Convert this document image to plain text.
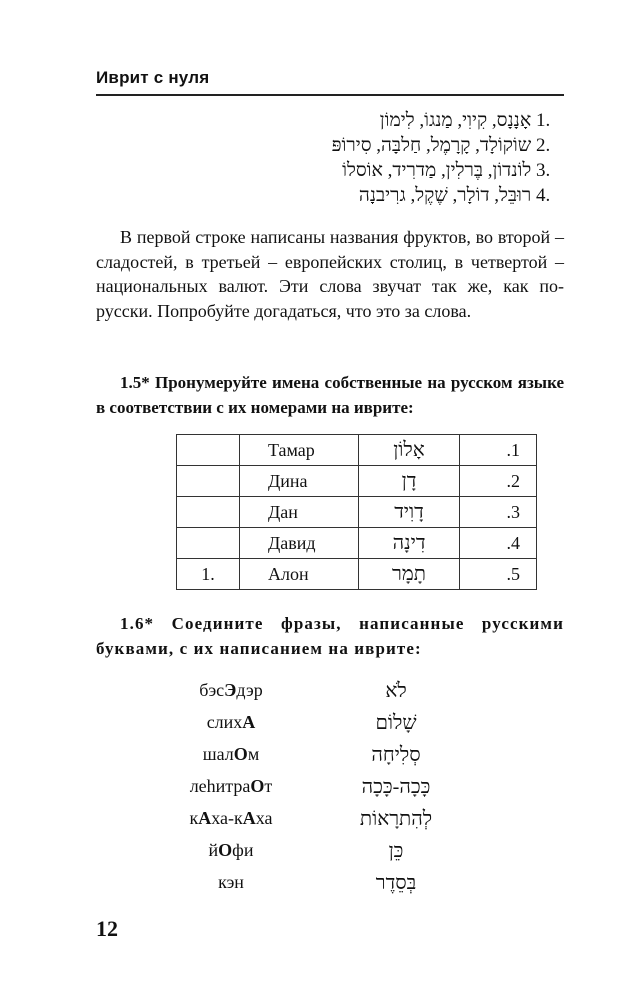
Иврит с нуля
אָנָנָס, קִיוִי, מַנגוֹ, לִימוֹן 1.
שוֹקוֹלָד, קָרָמֶל, חַלבָּה, סִירוֹפּ 2.
לוֹנדוֹן, בֶּרלִין, מַדרִיד, אוֹסלוֹ 3.
רוּבֵּל, דוֹלָר, שֶׁקֶל, גרִיבנָה 4.

В первой строке написаны названия фруктов, во второй – сладостей, в третьей – европейских столиц, в четвертой – национальных валют. Эти слова звучат так же, как по-русски. Попробуйте догадаться, что это за слова.

1.5* Пронумеруйте имена собственные на русском языке в соответствии с их номерами на иврите:
	Тамар	אָלוֹן	.1
	Дина	דָן	.2
	Дан	דָוִיד	.3
	Давид	דִינָה	.4
1.	Алон	תָמָר	.5
1.6* Соедините фразы, написанные русскими буквами, с их написанием на иврите:
бэсЭдэр	לֹא
слихА	שָׁלוֹם
шалОм	סְלִיחָה
леhитраОт	כָּכָה-כָּכָה
кАха-кАха	לְהִתרָאוֹת
йОфи	כֵּן
кэн	בְּסֵדֶר
12
